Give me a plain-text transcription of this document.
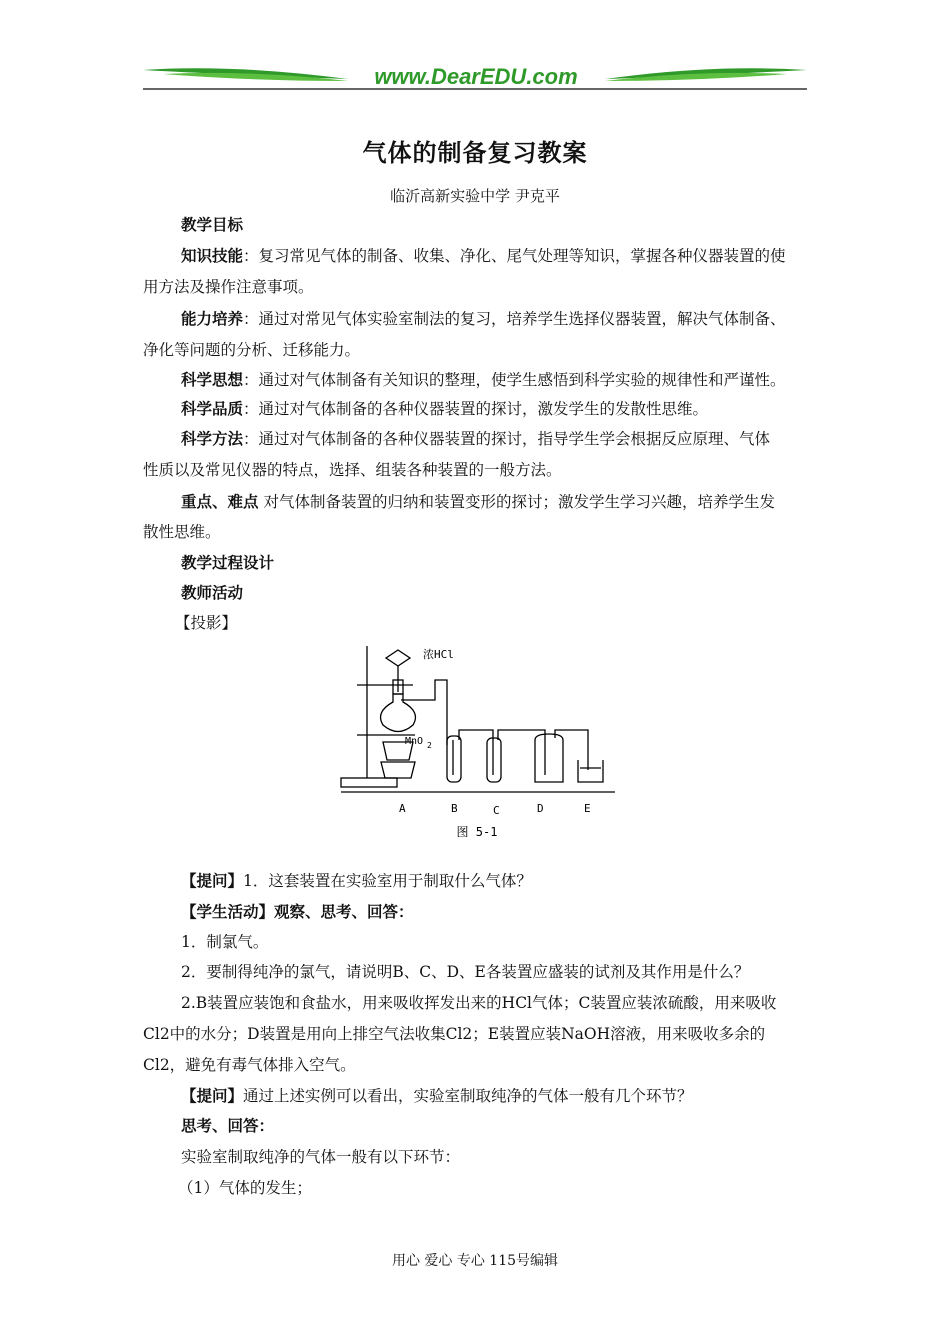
www.DearEDU.com
气体的制备复习教案
临沂高新实验中学 尹克平
教学目标
知识技能：复习常见气体的制备、收集、净化、尾气处理等知识，掌握各种仪器装置的使
用方法及操作注意事项。
能力培养：通过对常见气体实验室制法的复习，培养学生选择仪器装置，解决气体制备、
净化等问题的分析、迁移能力。
科学思想：通过对气体制备有关知识的整理，使学生感悟到科学实验的规律性和严谨性。
科学品质：通过对气体制备的各种仪器装置的探讨，激发学生的发散性思维。
科学方法：通过对气体制备的各种仪器装置的探讨，指导学生学会根据反应原理、气体
性质以及常见仪器的特点，选择、组装各种装置的一般方法。
重点、难点 对气体制备装置的归纳和装置变形的探讨；激发学生学习兴趣，培养学生发
散性思维。
教学过程设计
教师活动
【投影】
浓HCl
MnO 2
A	B	C	D	E
图 5-1
【提问】1．这套装置在实验室用于制取什么气体？
【学生活动】观察、思考、回答：
1．制氯气。
2．要制得纯净的氯气，请说明B、C、D、E各装置应盛装的试剂及其作用是什么？
2.B装置应装饱和食盐水，用来吸收挥发出来的HCl气体；C装置应装浓硫酸，用来吸收
Cl2中的水分；D装置是用向上排空气法收集Cl2；E装置应装NaOH溶液，用来吸收多余的
Cl2，避免有毒气体排入空气。
【提问】通过上述实例可以看出，实验室制取纯净的气体一般有几个环节？
思考、回答：
实验室制取纯净的气体一般有以下环节：
（1）气体的发生；
用心 爱心 专心 115号编辑
